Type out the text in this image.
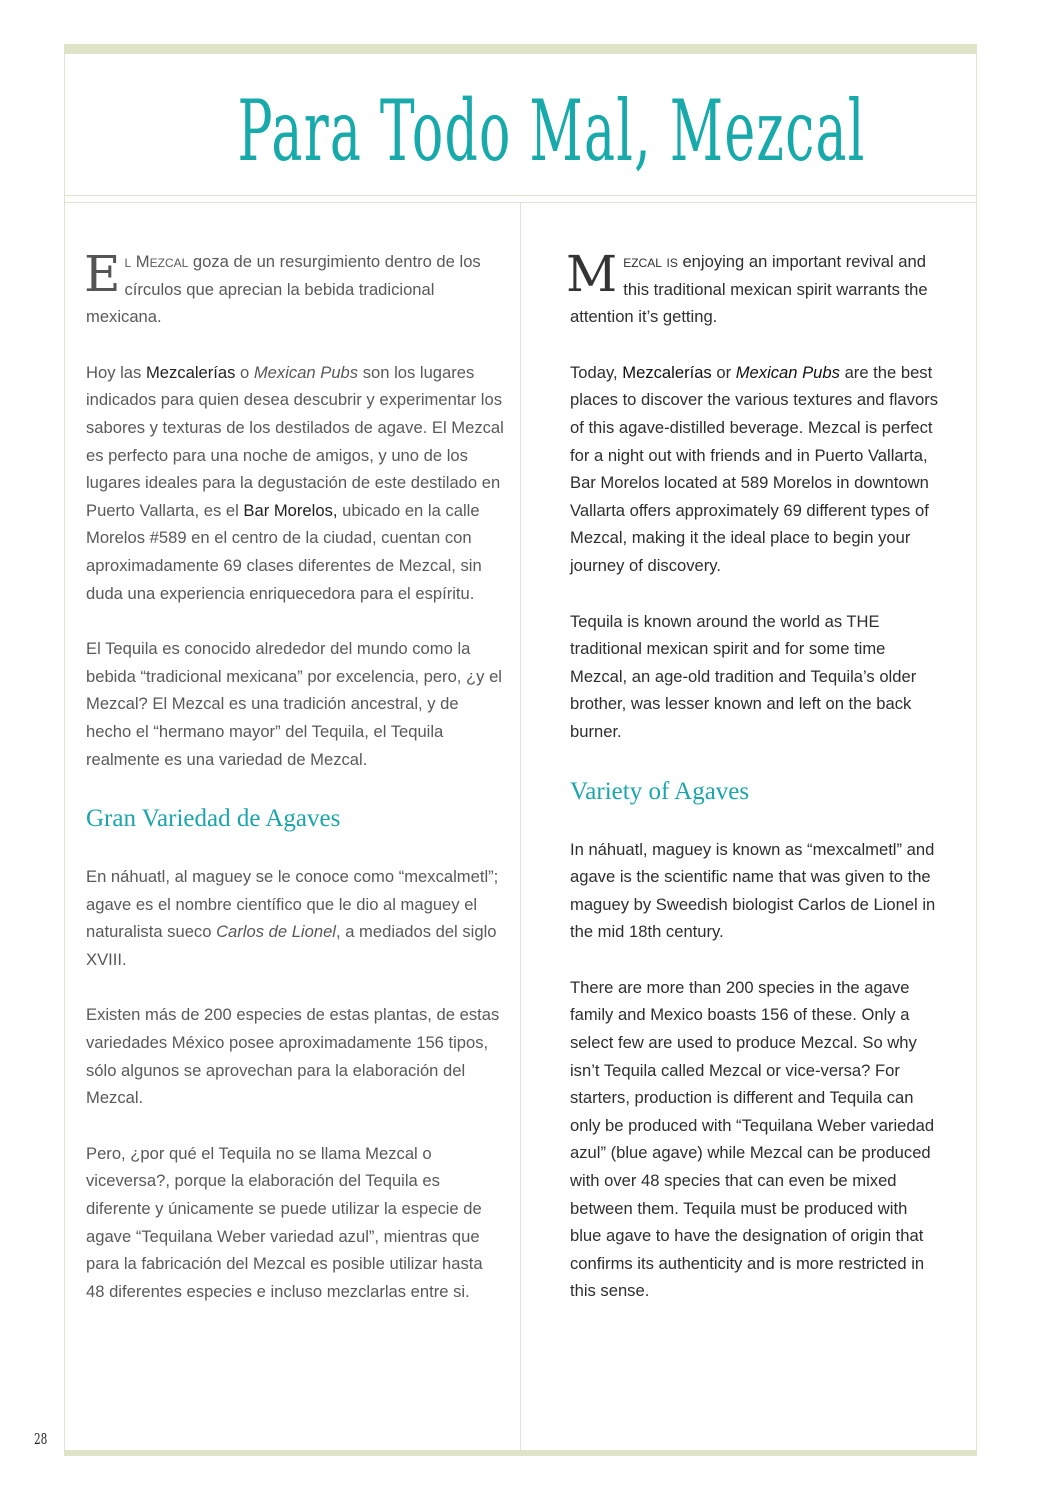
Para Todo Mal, Mezcal

El Mezcal goza de un resurgimiento dentro de los círculos que aprecian la bebida tradicional mexicana.

Hoy las Mezcalerías o Mexican Pubs son los lugares indicados para quien desea descubrir y experimentar los sabores y texturas de los destilados de agave. El Mezcal es perfecto para una noche de amigos, y uno de los lugares ideales para la degustación de este destilado en Puerto Vallarta, es el Bar Morelos, ubicado en la calle Morelos #589 en el centro de la ciudad, cuentan con aproximadamente 69 clases diferentes de Mezcal, sin duda una experiencia enriquecedora para el espíritu.

El Tequila es conocido alrededor del mundo como la bebida “tradicional mexicana” por excelencia, pero, ¿y el Mezcal? El Mezcal es una tradición ancestral, y de hecho el “hermano mayor” del Tequila, el Tequila realmente es una variedad de Mezcal.

Gran Variedad de Agaves

En náhuatl, al maguey se le conoce como “mexcalmetl”; agave es el nombre científico que le dio al maguey el naturalista sueco Carlos de Lionel, a mediados del siglo XVIII.

Existen más de 200 especies de estas plantas, de estas variedades México posee aproximadamente 156 tipos, sólo algunos se aprovechan para la elaboración del Mezcal.

Pero, ¿por qué el Tequila no se llama Mezcal o viceversa?, porque la elaboración del Tequila es diferente y únicamente se puede utilizar la especie de agave “Tequilana Weber variedad azul”, mientras que para la fabricación del Mezcal es posible utilizar hasta 48 diferentes especies e incluso mezclarlas entre si.

Mezcal is enjoying an important revival and this traditional mexican spirit warrants the attention it’s getting.

Today, Mezcalerías or Mexican Pubs are the best places to discover the various textures and flavors of this agave-distilled beverage. Mezcal is perfect for a night out with friends and in Puerto Vallarta, Bar Morelos located at 589 Morelos in downtown Vallarta offers approximately 69 different types of Mezcal, making it the ideal place to begin your journey of discovery.

Tequila is known around the world as THE traditional mexican spirit and for some time Mezcal, an age-old tradition and Tequila’s older brother, was lesser known and left on the back burner.

Variety of Agaves

In náhuatl, maguey is known as “mexcalmetl” and agave is the scientific name that was given to the maguey by Sweedish biologist Carlos de Lionel in the mid 18th century.

There are more than 200 species in the agave family and Mexico boasts 156 of these. Only a select few are used to produce Mezcal. So why isn’t Tequila called Mezcal or vice-versa? For starters, production is different and Tequila can only be produced with “Tequilana Weber variedad azul” (blue agave) while Mezcal can be produced with over 48 species that can even be mixed between them. Tequila must be produced with blue agave to have the designation of origin that confirms its authenticity and is more restricted in this sense.

28
